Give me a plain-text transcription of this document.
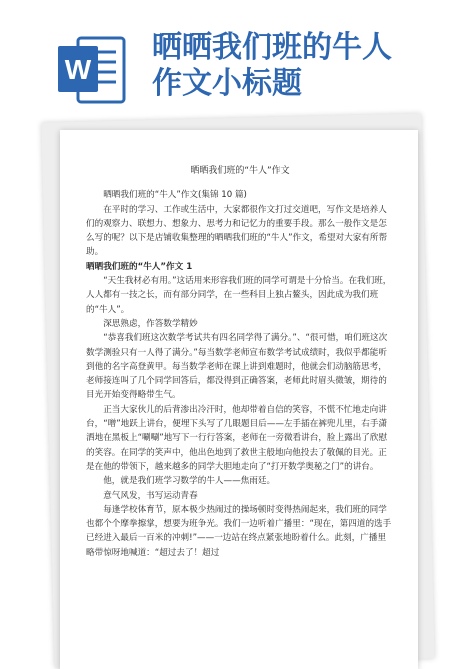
W
晒晒我们班的牛人
作文小标题
晒晒我们班的“牛人”作文

晒晒我们班的“牛人”作文(集锦 10 篇)

在平时的学习、工作或生活中，大家都很作文打过交道吧，写作文是培养人们的观察力、联想力、想象力、思考力和记忆力的重要手段。那么一般作文是怎么写的呢？以下是店铺收集整理的晒晒我们班的“牛人”作文，希望对大家有所帮助。

晒晒我们班的“牛人”作文 1

“天生我材必有用。”这话用来形容我们班的同学可谓是十分恰当。在我们班，人人都有一技之长，而有部分同学，在一些科目上独占鳌头，因此成为我们班的“牛人”。

深思熟虑，作答数学精妙

“恭喜我们班这次数学考试共有四名同学得了满分。”、“很可惜，咱们班这次数学测验只有一人得了满分。”每当数学老师宣布数学考试成绩时，我似乎都能听到他的名字高登黄甲。每当数学老师在课上讲到难题时，他就会们动脑筋思考，老师接连叫了几个同学回答后，都没得到正确答案，老师此时眉头微皱，期待的目光开始变得略带生气。

正当大家伙儿的后背渗出冷汗时，他却带着自信的笑容，不慌不忙地走向讲台，“噌”地跃上讲台，便埋下头写了几眼题目后——左手插在裤兜儿里，右手潇洒地在黑板上“唰唰”地写下一行行答案，老师在一旁微看讲台，脸上露出了欣慰的笑容。在同学的笑声中，他出色地到了救世主般地向他投去了敬佩的目光。正是在他的带领下，越来越多的同学大胆地走向了“打开数学奥秘之门”的讲台。

他，就是我们班学习数学的牛人——焦雨廷。

意气风发，书写运动青春

每逢学校体育节，原本极少热闹过的操场顿时变得热闹起来，我们班的同学也都个个摩拳擦掌，想要为班争光。我们一边听着广播里：“现在，第四道的选手已经进入最后一百米的冲刺!”——一边站在终点紧张地盼着什么。此刻，广播里略带惊呀地喊道：“超过去了！超过
